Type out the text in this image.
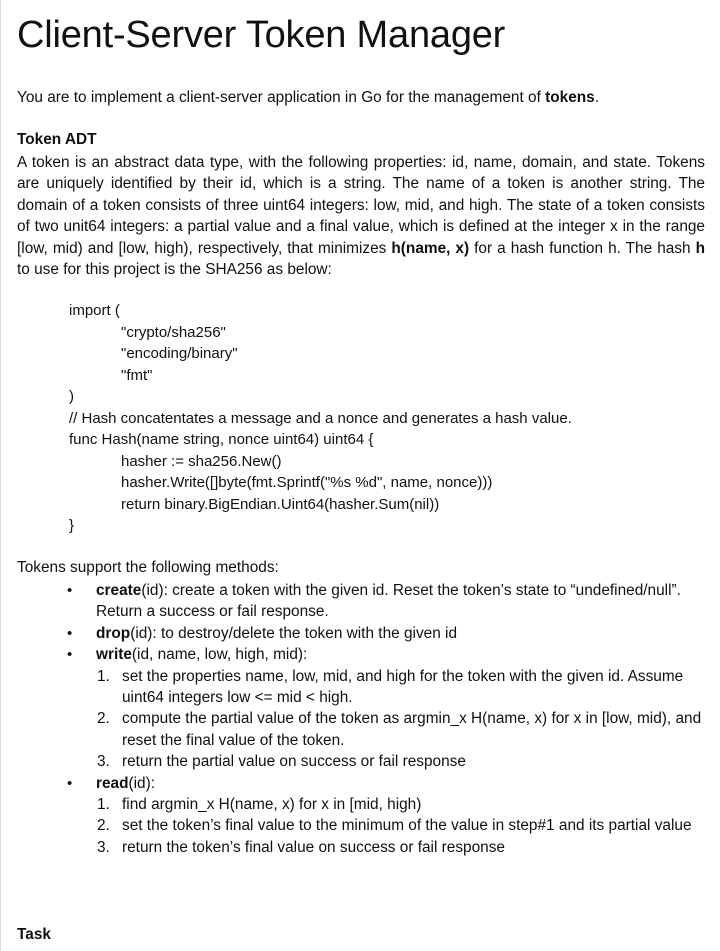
Client-Server Token Manager
You are to implement a client-server application in Go for the management of tokens.
Token ADT
A token is an abstract data type, with the following properties: id, name, domain, and state. Tokens are uniquely identified by their id, which is a string. The name of a token is another string. The domain of a token consists of three uint64 integers: low, mid, and high. The state of a token consists of two unit64 integers: a partial value and a final value, which is defined at the integer x in the range [low, mid) and [low, high), respectively, that minimizes h(name, x) for a hash function h. The hash h to use for this project is the SHA256 as below:
import (
"crypto/sha256"
"encoding/binary"
"fmt"
)
// Hash concatentates a message and a nonce and generates a hash value.
func Hash(name string, nonce uint64) uint64 {
hasher := sha256.New()
hasher.Write([]byte(fmt.Sprintf("%s %d", name, nonce)))
return binary.BigEndian.Uint64(hasher.Sum(nil))
}
Tokens support the following methods:
• create(id): create a token with the given id. Reset the token’s state to “undefined/null”. Return a success or fail response.
• drop(id): to destroy/delete the token with the given id
• write(id, name, low, high, mid):
1. set the properties name, low, mid, and high for the token with the given id. Assume uint64 integers low <= mid < high.
2. compute the partial value of the token as argmin_x H(name, x) for x in [low, mid), and reset the final value of the token.
3. return the partial value on success or fail response
• read(id):
1. find argmin_x H(name, x) for x in [mid, high)
2. set the token’s final value to the minimum of the value in step#1 and its partial value
3. return the token’s final value on success or fail response
Task
